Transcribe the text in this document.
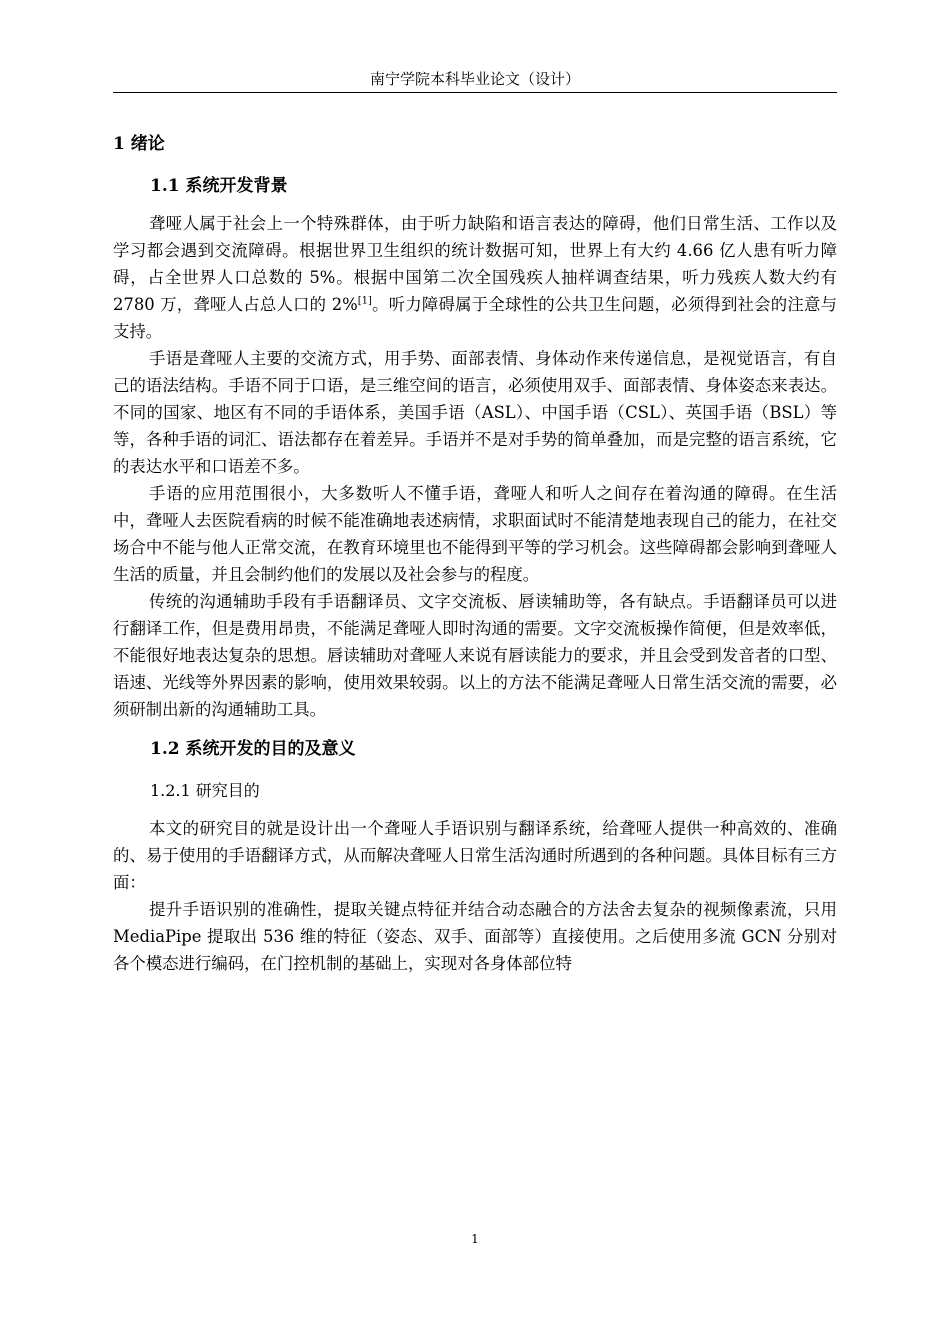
南宁学院本科毕业论文（设计）
1 绪论
1.1 系统开发背景

聋哑人属于社会上一个特殊群体，由于听力缺陷和语言表达的障碍，他们日常生活、工作以及学习都会遇到交流障碍。根据世界卫生组织的统计数据可知，世界上有大约 4.66 亿人患有听力障碍，占全世界人口总数的 5%。根据中国第二次全国残疾人抽样调查结果，听力残疾人数大约有 2780 万，聋哑人占总人口的 2%[1]。听力障碍属于全球性的公共卫生问题，必须得到社会的注意与支持。

手语是聋哑人主要的交流方式，用手势、面部表情、身体动作来传递信息，是视觉语言，有自己的语法结构。手语不同于口语，是三维空间的语言，必须使用双手、面部表情、身体姿态来表达。不同的国家、地区有不同的手语体系，美国手语（ASL）、中国手语（CSL）、英国手语（BSL）等等，各种手语的词汇、语法都存在着差异。手语并不是对手势的简单叠加，而是完整的语言系统，它的表达水平和口语差不多。

手语的应用范围很小，大多数听人不懂手语，聋哑人和听人之间存在着沟通的障碍。在生活中，聋哑人去医院看病的时候不能准确地表述病情，求职面试时不能清楚地表现自己的能力，在社交场合中不能与他人正常交流，在教育环境里也不能得到平等的学习机会。这些障碍都会影响到聋哑人生活的质量，并且会制约他们的发展以及社会参与的程度。

传统的沟通辅助手段有手语翻译员、文字交流板、唇读辅助等，各有缺点。手语翻译员可以进行翻译工作，但是费用昂贵，不能满足聋哑人即时沟通的需要。文字交流板操作简便，但是效率低，不能很好地表达复杂的思想。唇读辅助对聋哑人来说有唇读能力的要求，并且会受到发音者的口型、语速、光线等外界因素的影响，使用效果较弱。以上的方法不能满足聋哑人日常生活交流的需要，必须研制出新的沟通辅助工具。

1.2 系统开发的目的及意义
1.2.1 研究目的

本文的研究目的就是设计出一个聋哑人手语识别与翻译系统，给聋哑人提供一种高效的、准确的、易于使用的手语翻译方式，从而解决聋哑人日常生活沟通时所遇到的各种问题。具体目标有三方面：

提升手语识别的准确性，提取关键点特征并结合动态融合的方法舍去复杂的视频像素流，只用 MediaPipe 提取出 536 维的特征（姿态、双手、面部等）直接使用。之后使用多流 GCN 分别对各个模态进行编码，在门控机制的基础上，实现对各身体部位特

1
